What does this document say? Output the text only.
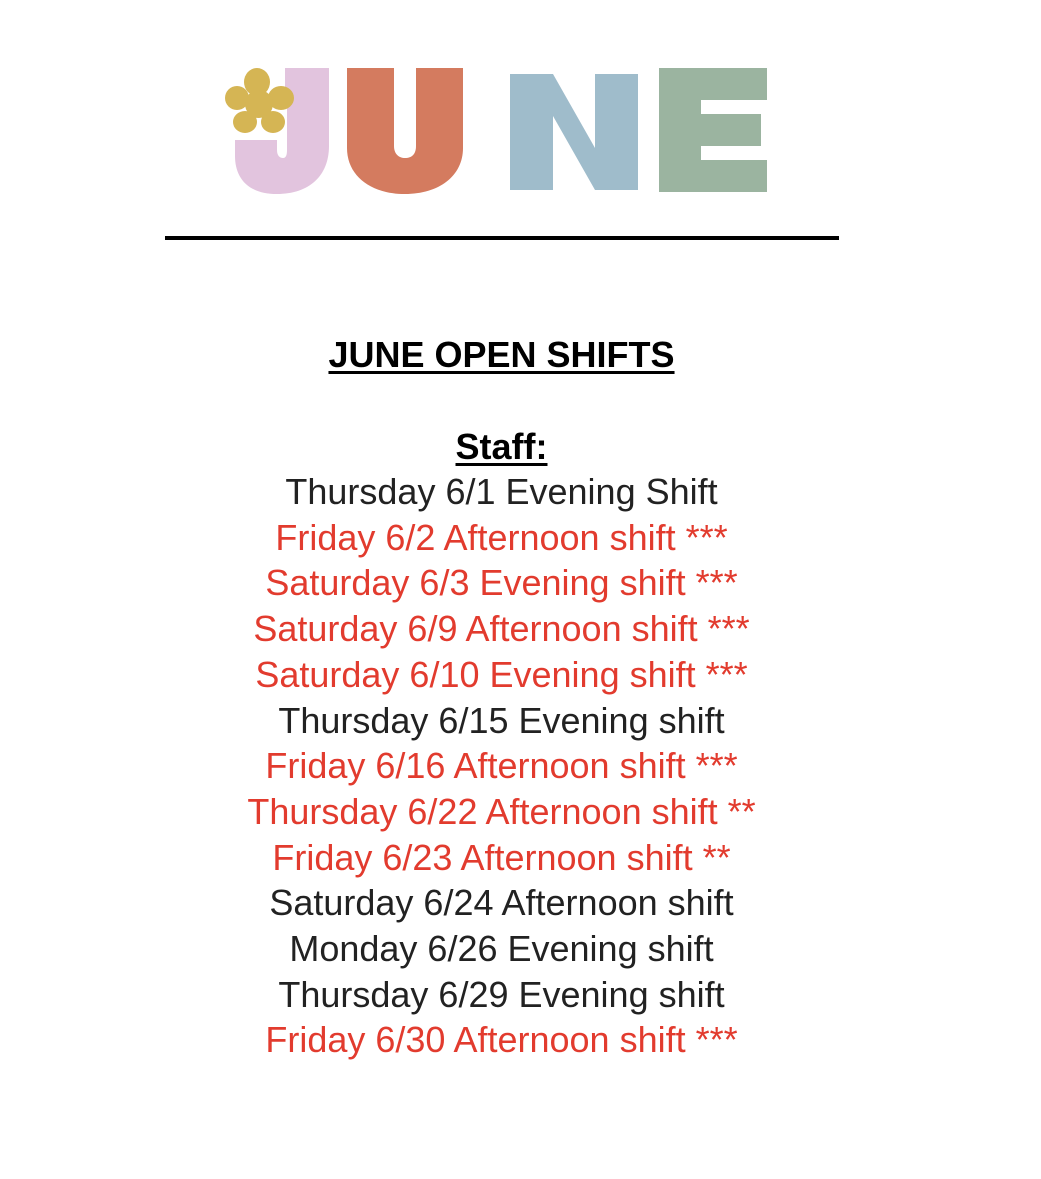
JUNE OPEN SHIFTS
Staff:
Thursday 6/1 Evening Shift
Friday 6/2 Afternoon shift ***
Saturday 6/3 Evening shift ***
Saturday 6/9 Afternoon shift ***
Saturday 6/10 Evening shift ***
Thursday 6/15 Evening shift
Friday 6/16 Afternoon shift ***
Thursday 6/22 Afternoon shift **
Friday 6/23 Afternoon shift **
Saturday 6/24 Afternoon shift
Monday 6/26 Evening shift
Thursday 6/29 Evening shift
Friday 6/30 Afternoon shift ***
